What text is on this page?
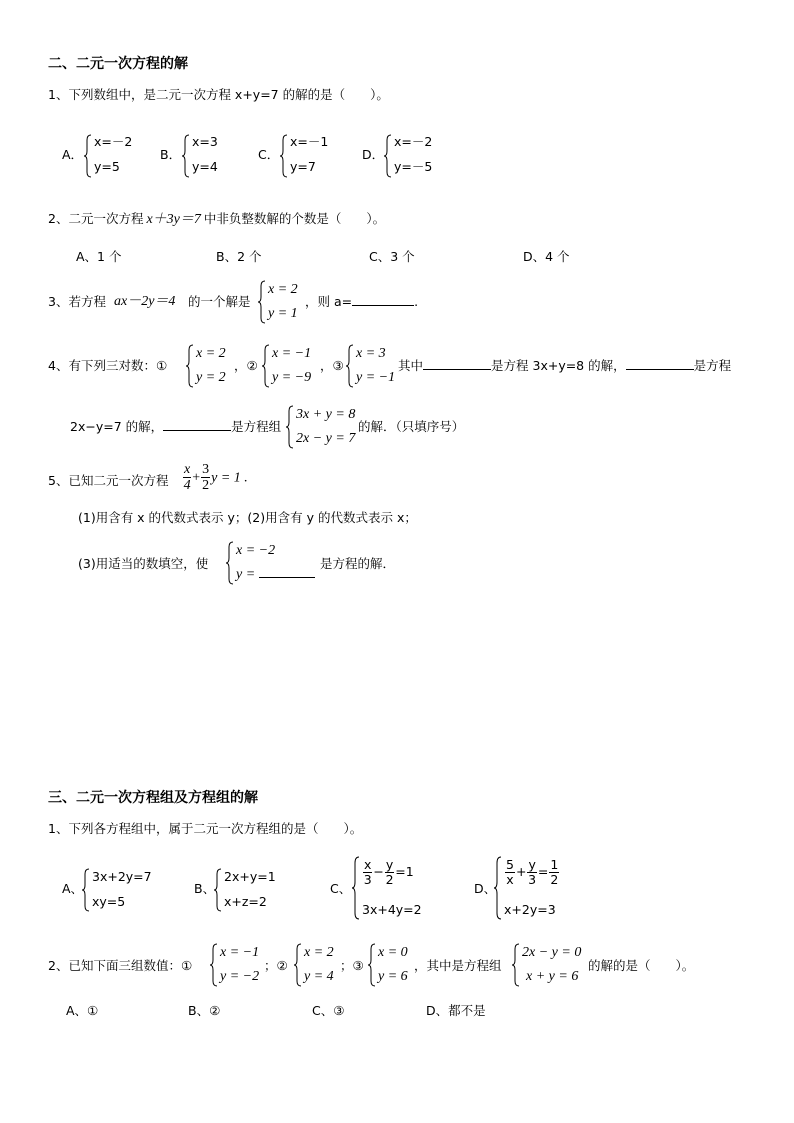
二、二元一次方程的解
1、下列数组中，是二元一次方程 x+y=7 的解的是（　　）。
A．
x=－2
y=5
B．
x=3
y=4
C．
x=－1
y=7
D．
x=－2
y=－5
2、二元一次方程 x＋3y＝7 中非负整数解的个数是（　　）。
A、1 个	B、2 个	C、3 个	D、4 个
3、若方程 ax－2y＝4 的一个解是
x = 2
y = 1
，则 a=	.
4、有下列三对数：①
x = 2
y = 2
，②
x = −1
y = −9
，③
x = 3
y = −1
其中	是方程 3x+y=8 的解，	是方程
2x−y=7 的解，	是方程组
3x + y = 8
2x − y = 7
的解．（只填序号）
5、已知二元一次方程 $\frac{x}{4} + \frac{3}{2}$ y = 1 .
(1)用含有 x 的代数式表示 y；(2)用含有 y 的代数式表示 x；
(3)用适当的数填空，使
x = −2
y =
是方程的解．
三、二元一次方程组及方程组的解
1、下列各方程组中，属于二元一次方程组的是（　　）。
A、
3x+2y=7
xy=5
B、
2x+y=1
x+z=2
C、
$\frac{x}{3} - \frac{y}{2} =1$
3x+4y=2
D、
$\frac{5}{x} + \frac{y}{3} = \frac{1}{2}$
x+2y=3
2、已知下面三组数值：①
x = −1
y = −2
；②
x = 2
y = 4
；③
x = 0
y = 6
，其中是方程组
2x − y = 0
x + y = 6
的解的是（　　）。
A、①	B、②	C、③	D、都不是
